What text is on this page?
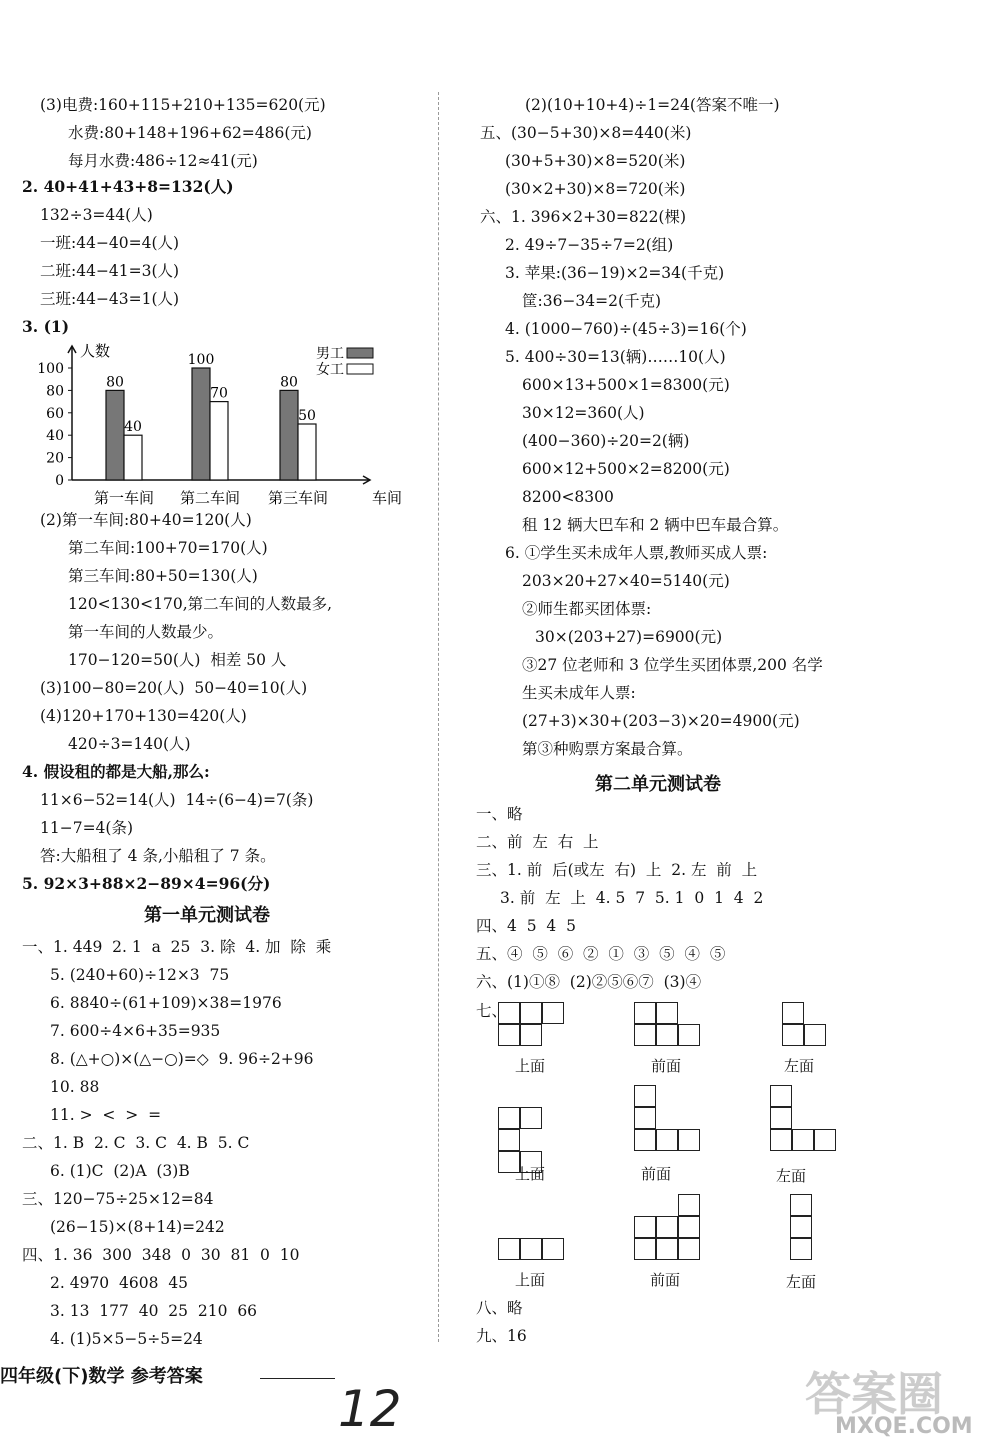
(3)电费:160+115+210+135=620(元)
水费:80+148+196+62=486(元)
每月水费:486÷12≈41(元)
2. 40+41+43+8=132(人)
132÷3=44(人)
一班:44−40=4(人)
二班:44−41=3(人)
三班:44−43=1(人)
3. (1)
0
20
40
60
80
100
人数
车间
80
40
第一车间
100
70
第二车间
80
50
第三车间
男工
女工
(2)第一车间:80+40=120(人)
第二车间:100+70=170(人)
第三车间:80+50=130(人)
120<130<170,第二车间的人数最多,
第一车间的人数最少。
170−120=50(人)  相差 50 人
(3)100−80=20(人)  50−40=10(人)
(4)120+170+130=420(人)
420÷3=140(人)
4. 假设租的都是大船,那么:
11×6−52=14(人)  14÷(6−4)=7(条)
11−7=4(条)
答:大船租了 4 条,小船租了 7 条。
5. 92×3+88×2−89×4=96(分)
第一单元测试卷
一、1. 449  2. 1  a  25  3. 除  4. 加  除  乘
5. (240+60)÷12×3  75
6. 8840÷(61+109)×38=1976
7. 600÷4×6+35=935
8. (△+○)×(△−○)=◇  9. 96÷2+96
10. 88
11. >  <  >  =
二、1. B  2. C  3. C  4. B  5. C
6. (1)C  (2)A  (3)B
三、120−75÷25×12=84
(26−15)×(8+14)=242
四、1. 36  300  348  0  30  81  0  10
2. 4970  4608  45
3. 13  177  40  25  210  66
4. (1)5×5−5÷5=24
(2)(10+10+4)÷1=24(答案不唯一)
五、(30−5+30)×8=440(米)
(30+5+30)×8=520(米)
(30×2+30)×8=720(米)
六、1. 396×2+30=822(棵)
2. 49÷7−35÷7=2(组)
3. 苹果:(36−19)×2=34(千克)
筐:36−34=2(千克)
4. (1000−760)÷(45÷3)=16(个)
5. 400÷30=13(辆)……10(人)
600×13+500×1=8300(元)
30×12=360(人)
(400−360)÷20=2(辆)
600×12+500×2=8200(元)
8200<8300
租 12 辆大巴车和 2 辆中巴车最合算。
6. ①学生买未成年人票,教师买成人票:
203×20+27×40=5140(元)
②师生都买团体票:
30×(203+27)=6900(元)
③27 位老师和 3 位学生买团体票,200 名学
生买未成年人票:
(27+3)×30+(203−3)×20=4900(元)
第③种购票方案最合算。
第二单元测试卷
一、略
二、前  左  右  上
三、1. 前  后(或左  右)  上  2. 左  前  上
3. 前  左  上  4. 5  7  5. 1  0  1  4  2
四、4  5  4  5
五、④  ⑤  ⑥  ②  ①  ③  ⑤  ④  ⑤
六、(1)①⑧  (2)②⑤⑥⑦  (3)④
七、
上面	前面	左面
上面	前面	左面
上面	前面	左面
八、略
九、16
四年级(下)数学 参考答案
12	答案圈
MXQE.COM
